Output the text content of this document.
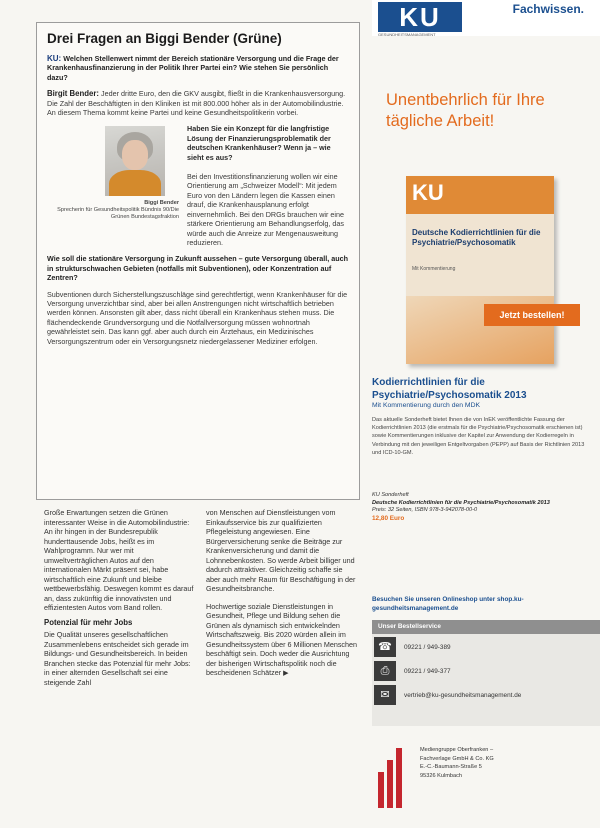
Drei Fragen an Biggi Bender (Grüne)
KU: Welchen Stellenwert nimmt der Bereich stationäre Versorgung und die Frage der Krankenhausfinanzierung in der Politik Ihrer Partei ein? Wie stehen Sie persönlich dazu?
Birgit Bender: Jeder dritte Euro, den die GKV ausgibt, fließt in die Krankenhausversorgung. Die Zahl der Beschäftigten in den Kliniken ist mit 800.000 höher als in der Automobilindustrie. An diesem Thema kommt keine Partei und keine Gesundheitspolitikerin vorbei.
Biggi Bender
Sprecherin für Gesundheitspolitik Bündnis 90/Die Grünen Bundestagsfraktion
Haben Sie ein Konzept für die langfristige Lösung der Finanzierungsproblematik der deutschen Krankenhäuser? Wenn ja – wie sieht es aus?
Bei den Investitionsfinanzierung wollen wir eine Orientierung am „Schweizer Modell“: Mit jedem Euro von den Ländern legen die Kassen einen drauf, die Krankenhausplanung erfolgt einvernehmlich. Bei den DRGs brauchen wir eine stärkere Orientierung am Behandlungserfolg, das würde auch die Anreize zur Mengenausweitung reduzieren.
Wie soll die stationäre Versorgung in Zukunft aussehen – gute Versorgung überall, auch in strukturschwachen Gebieten (notfalls mit Subventionen), oder Konzentration auf Zentren?
Subventionen durch Sicherstellungszuschläge sind gerechtfertigt, wenn Krankenhäuser für die Versorgung unverzichtbar sind, aber bei allen Anstrengungen nicht wirtschaftlich betrieben werden können. Ansonsten gilt aber, dass nicht überall ein Krankenhaus stehen muss. Die flächendeckende Grundversorgung und die Notfallversorgung müssen wohnortnah gewährleistet sein. Das kann ggf. aber auch durch ein Ärztehaus, ein Medizinisches Versorgungszentrum oder ein Versorgungsnetz niedergelassener Mediziner erfolgen.
Große Erwartungen setzen die Grünen interessanter Weise in die Automobilindustrie: An ihr hingen in der Bundesrepublik hunderttausende Jobs, heißt es im Wahlprogramm. Nur wer mit umweltverträglichen Autos auf den internationalen Märkt präsent sei, habe wirtschaftlich eine Zukunft und bleibe wettbewerbsfähig. Deswegen kommt es darauf an, dass zukünftig die innovativsten und effizientesten Autos vom Band rollen.
Potenzial für mehr Jobs
Die Qualität unseres gesellschaftlichen Zusammenlebens entscheidet sich gerade im Bildungs- und Gesundheitsbereich. In beiden Branchen stecke das Potenzial für mehr Jobs: in einer alternden Gesellschaft sei eine steigende Zahl
von Menschen auf Dienstleistungen vom Einkaufsservice bis zur qualifizierten Pflegeleistung angewiesen. Eine Bürgerversicherung senke die Beiträge zur Krankenversicherung und damit die Lohnnebenkosten. So werde Arbeit billiger und dadurch attraktiver. Gleichzeitig schaffe sie aber auch mehr Raum für Beschäftigung in der Gesundheitsbranche.
Hochwertige soziale Dienstleistungen in Gesundheit, Pflege und Bildung sehen die Grünen als dynamisch sich entwickelnden Wirtschaftszweig. Bis 2020 würden allein im Gesundheitssystem über 6 Millionen Menschen beschäftigt sein. Doch weder die Ausrichtung der bisherigen Wirtschaftspolitik noch die bescheidenen Schätzer ▶
KU
GESUNDHEITSMANAGEMENT
Fachwissen.
Unentbehrlich für Ihre
tägliche Arbeit!
KU
Deutsche Kodierrichtlinien für die Psychiatrie/Psychosomatik
Mit Kommentierung
Jetzt bestellen!
Kodierrichtlinien für die Psychiatrie/Psychosomatik 2013
Mit Kommentierung durch den MDK
Das aktuelle Sonderheft bietet Ihnen die von InEK veröffentlichte Fassung der Kodierrichtlinien 2013 (die erstmals für die Psychiatrie/Psychosomatik erschienen ist) sowie Kommentierungen inklusive der Kapitel zur Anwendung der Kodierregeln in Verbindung mit den jeweiligen Entgeltvorgaben (PEPP) auf Basis der Richtlinien 2013 und ICD-10-GM.
KU Sonderheft
Deutsche Kodierrichtlinien für die Psychiatrie/Psychosomatik 2013
Preis: 32 Seiten, ISBN 978-3-942078-00-0
12,80 Euro
Besuchen Sie unseren Onlineshop unter shop.ku-gesundheitsmanagement.de
Unser Bestellservice
☎	09221 / 949-389
⎙	09221 / 949-377
✉	vertrieb@ku-gesundheitsmanagement.de
Mediengruppe Oberfranken –
Fachverlage GmbH & Co. KG
E.-C.-Baumann-Straße 5
95326 Kulmbach
